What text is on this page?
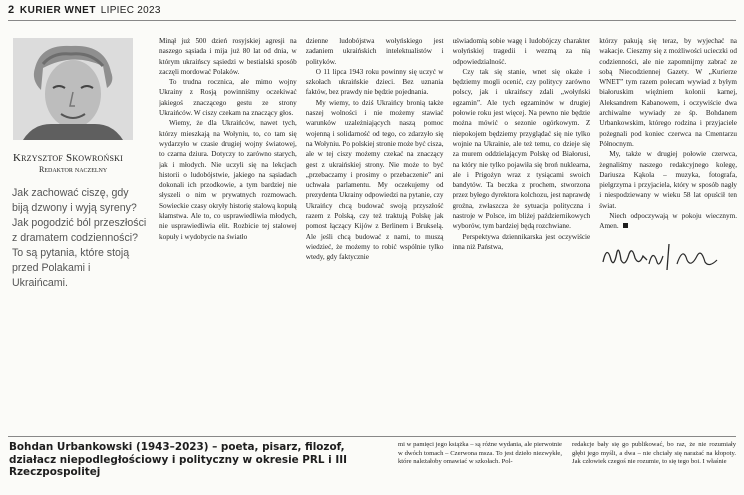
2 KURIER WNET LIPIEC 2023
Krzysztof Skowroński
Redaktor naczelny
Jak zachować ciszę, gdy biją dzwony i wyją syreny? Jak pogodzić ból przeszłości z dramatem codzienności? To są pytania, które stoją przed Polakami i Ukraińcami.

Minął już 500 dzień rosyjskiej agresji na naszego sąsiada i mija już 80 lat od dnia, w którym ukraińscy sąsiedzi w bestialski sposób zaczęli mordować Polaków.

To trudna rocznica, ale mimo wojny Ukrainy z Rosją powinniśmy oczekiwać jakiegoś znaczącego gestu ze strony Ukraińców. W ciszy czekam na znaczący głos.

Wiemy, że dla Ukraińców, nawet tych, którzy mieszkają na Wołyniu, to, co tam się wydarzyło w czasie drugiej wojny światowej, to czarna dziura. Dotyczy to zarówno starych, jak i młodych. Nie uczyli się na lekcjach historii o ludobójstwie, jakiego na sąsiadach dokonali ich przodkowie, a tym bardziej nie słyszeli o nim w prywatnych rozmowach. Sowieckie czasy okryły historię stalową kopułą kłamstwa. Ale to, co usprawiedliwia młodych, nie usprawiedliwia elit. Rozbicie tej stalowej kopuły i wydobycie na światło

dzienne ludobójstwa wołyńskiego jest zadaniem ukraińskich intelektualistów i polityków.

O 11 lipca 1943 roku powinny się uczyć w szkołach ukraińskie dzieci. Bez uznania faktów, bez prawdy nie będzie pojednania.

My wiemy, to dziś Ukraińcy bronią także naszej wolności i nie możemy stawiać warunków uzależniających naszą pomoc wojenną i solidarność od tego, co zdarzyło się na Wołyniu. Po polskiej stronie może być cisza, ale w tej ciszy możemy czekać na znaczący gest z ukraińskiej strony. Nie może to być „przebaczamy i prosimy o przebaczenie” ani uchwała parlamentu. My oczekujemy od prezydenta Ukrainy odpowiedzi na pytanie, czy Ukraińcy chcą budować swoją przyszłość razem z Polską, czy też traktują Polskę jak pomost łączący Kijów z Berlinem i Brukselą. Ale jeśli chcą budować z nami, to muszą wiedzieć, że możemy to robić wspólnie tylko wtedy, gdy faktycznie

uświadomią sobie wagę i ludobójczy charakter wołyńskiej tragedii i wezmą za nią odpowiedzialność.

Czy tak się stanie, wnet się okaże i będziemy mogli ocenić, czy politycy zarówno polscy, jak i ukraińscy zdali „wołyński egzamin”. Ale tych egzaminów w drugiej połowie roku jest więcej. Na pewno nie będzie można mówić o sezonie ogórkowym. Z niepokojem będziemy przyglądać się nie tylko wojnie na Ukrainie, ale też temu, co dzieje się za murem oddzielającym Polskę od Białorusi, na który nie tylko pojawiła się broń nuklearna, ale i Prigożyn wraz z tysiącami swoich bandytów. Ta beczka z prochem, stworzona przez byłego dyrektora kolchozu, jest naprawdę groźna, zwłaszcza że sytuacja polityczna i nastroje w Polsce, im bliżej październikowych wyborów, tym bardziej będą rozchwiane.

Perspektywa dziennikarska jest oczywiście inna niż Państwa,

którzy pakują się teraz, by wyjechać na wakacje. Cieszmy się z możliwości ucieczki od codzienności, ale nie zapomnijmy zabrać ze sobą Niecodziennej Gazety. W „Kurierze WNET” tym razem polecam wywiad z byłym białoruskim więźniem kolonii karnej, Aleksandrem Kabanowem, i oczywiście dwa archiwalne wywiady ze śp. Bohdanem Urbankowskim, którego rodzina i przyjaciele pożegnali pod koniec czerwca na Cmentarzu Północnym.

My, także w drugiej połowie czerwca, żegnaliśmy naszego redakcyjnego kolegę, Dariusza Kąkola – muzyka, fotografa, pielgrzyma i przyjaciela, który w sposób nagły i niespodziewany w wieku 58 lat opuścił ten świat.

Niech odpoczywają w pokoju wiecznym. Amen.

Bohdan Urbankowski (1943–2023) – poeta, pisarz, filozof, działacz niepodległościowy i polityczny w okresie PRL i III Rzeczpospolitej
mi w pamięci jego książka – są różne wydania, ale pierwotnie w dwóch tomach – Czerwona msza. To jest dzieło niezwykłe, które należałoby omawiać w szkołach. Pol-
redakcje bały się go publikować, bo raz, że nie rozumiały głębi jego myśli, a dwa – nie chciały się narażać na kłopoty. Jak człowiek czegoś nie rozumie, to się tego boi. I właśnie
